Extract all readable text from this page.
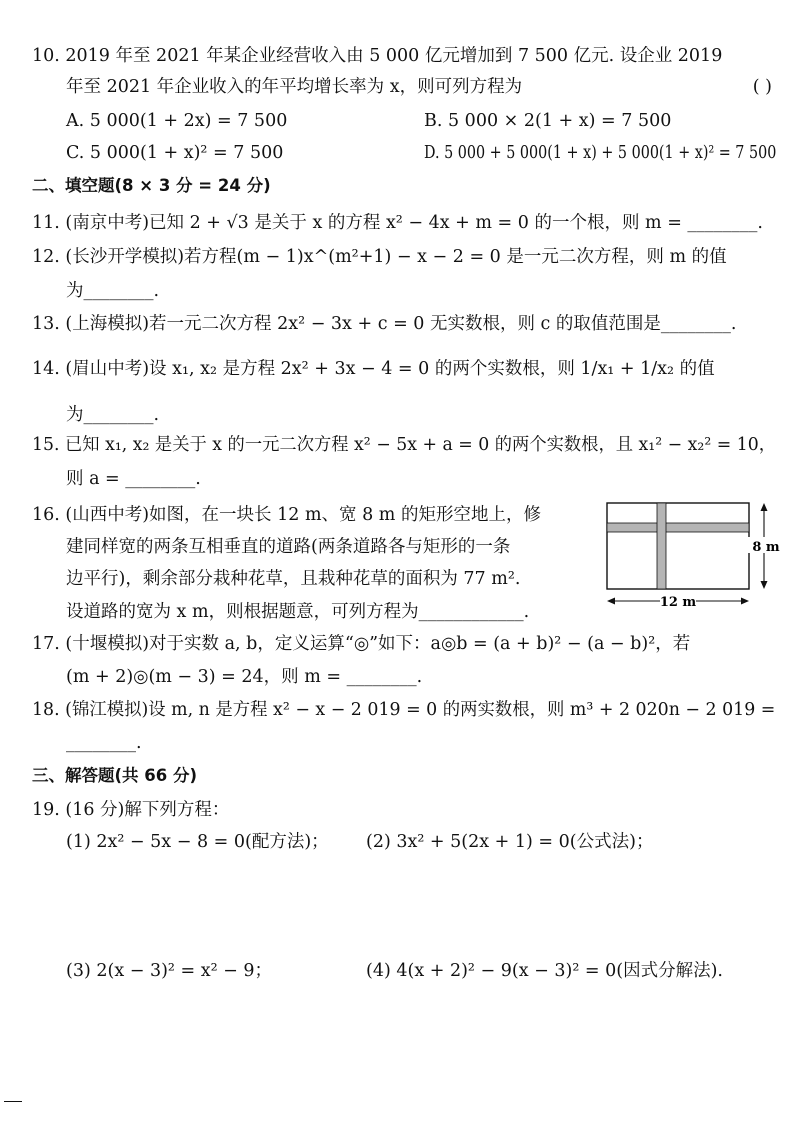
10. 2019 年至 2021 年某企业经营收入由 5 000 亿元增加到 7 500 亿元. 设企业 2019
年至 2021 年企业收入的年平均增长率为 x，则可列方程为	( )
A. 5 000(1 + 2x) = 7 500	B. 5 000 × 2(1 + x) = 7 500
C. 5 000(1 + x)² = 7 500	D. 5 000 + 5 000(1 + x) + 5 000(1 + x)² = 7 500
二、填空题(8 × 3 分 = 24 分)
11. (南京中考)已知 2 + √3 是关于 x 的方程 x² − 4x + m = 0 的一个根，则 m = ________.
12. (长沙开学模拟)若方程(m − 1)x^(m²+1) − x − 2 = 0 是一元二次方程，则 m 的值
为________.
13. (上海模拟)若一元二次方程 2x² − 3x + c = 0 无实数根，则 c 的取值范围是________.
14. (眉山中考)设 x₁, x₂ 是方程 2x² + 3x − 4 = 0 的两个实数根，则 1/x₁ + 1/x₂ 的值
为________.
15. 已知 x₁, x₂ 是关于 x 的一元二次方程 x² − 5x + a = 0 的两个实数根，且 x₁² − x₂² = 10，
则 a = ________.
16. (山西中考)如图，在一块长 12 m、宽 8 m 的矩形空地上，修
建同样宽的两条互相垂直的道路(两条道路各与矩形的一条
边平行)，剩余部分栽种花草，且栽种花草的面积为 77 m².
设道路的宽为 x m，则根据题意，可列方程为____________.
8 m
12 m
17. (十堰模拟)对于实数 a, b，定义运算“◎”如下：a◎b = (a + b)² − (a − b)²，若
(m + 2)◎(m − 3) = 24，则 m = ________.
18. (锦江模拟)设 m, n 是方程 x² − x − 2 019 = 0 的两实数根，则 m³ + 2 020n − 2 019 =
________.
三、解答题(共 66 分)
19. (16 分)解下列方程：
(1) 2x² − 5x − 8 = 0(配方法)； (2) 3x² + 5(2x + 1) = 0(公式法)；
(3) 2(x − 3)² = x² − 9；	(4) 4(x + 2)² − 9(x − 3)² = 0(因式分解法).
